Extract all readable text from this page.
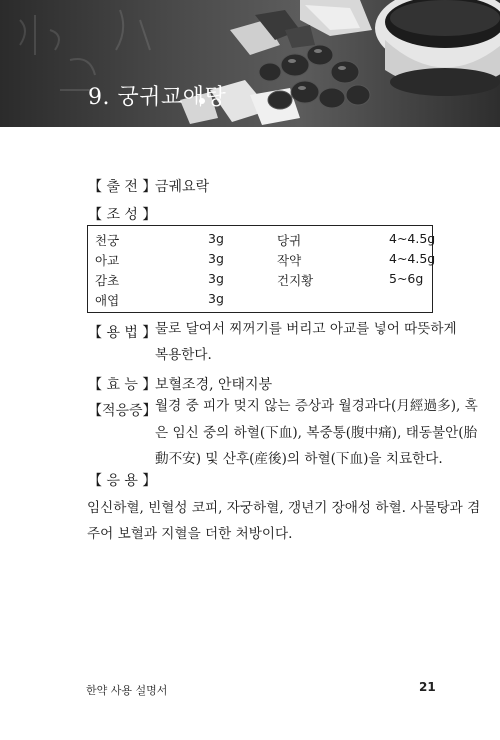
9. 궁귀교애탕
【 출 전 】
금궤요락
【 조 성 】
천궁	3g	당귀	4~4.5g
아교	3g	작약	4~4.5g
감초	3g	건지황	5~6g
애엽	3g
【 용 법 】
물로 달여서 찌꺼기를 버리고 아교를 넣어 따뜻하게
복용한다.
【 효 능 】
보혈조경, 안태지붕
【적응증】
월경 중 피가 멎지 않는 증상과 월경과다(月經過多), 혹
은 임신 중의 하혈(下血), 복중통(腹中痛), 태동불안(胎
動不安) 및 산후(産後)의 하혈(下血)을 치료한다.
【 응 용 】
임신하혈, 빈혈성 코피, 자궁하혈, 갱년기 장애성 하혈. 사물탕과 겸
주어 보혈과 지혈을 더한 처방이다.
한약 사용 설명서	21
